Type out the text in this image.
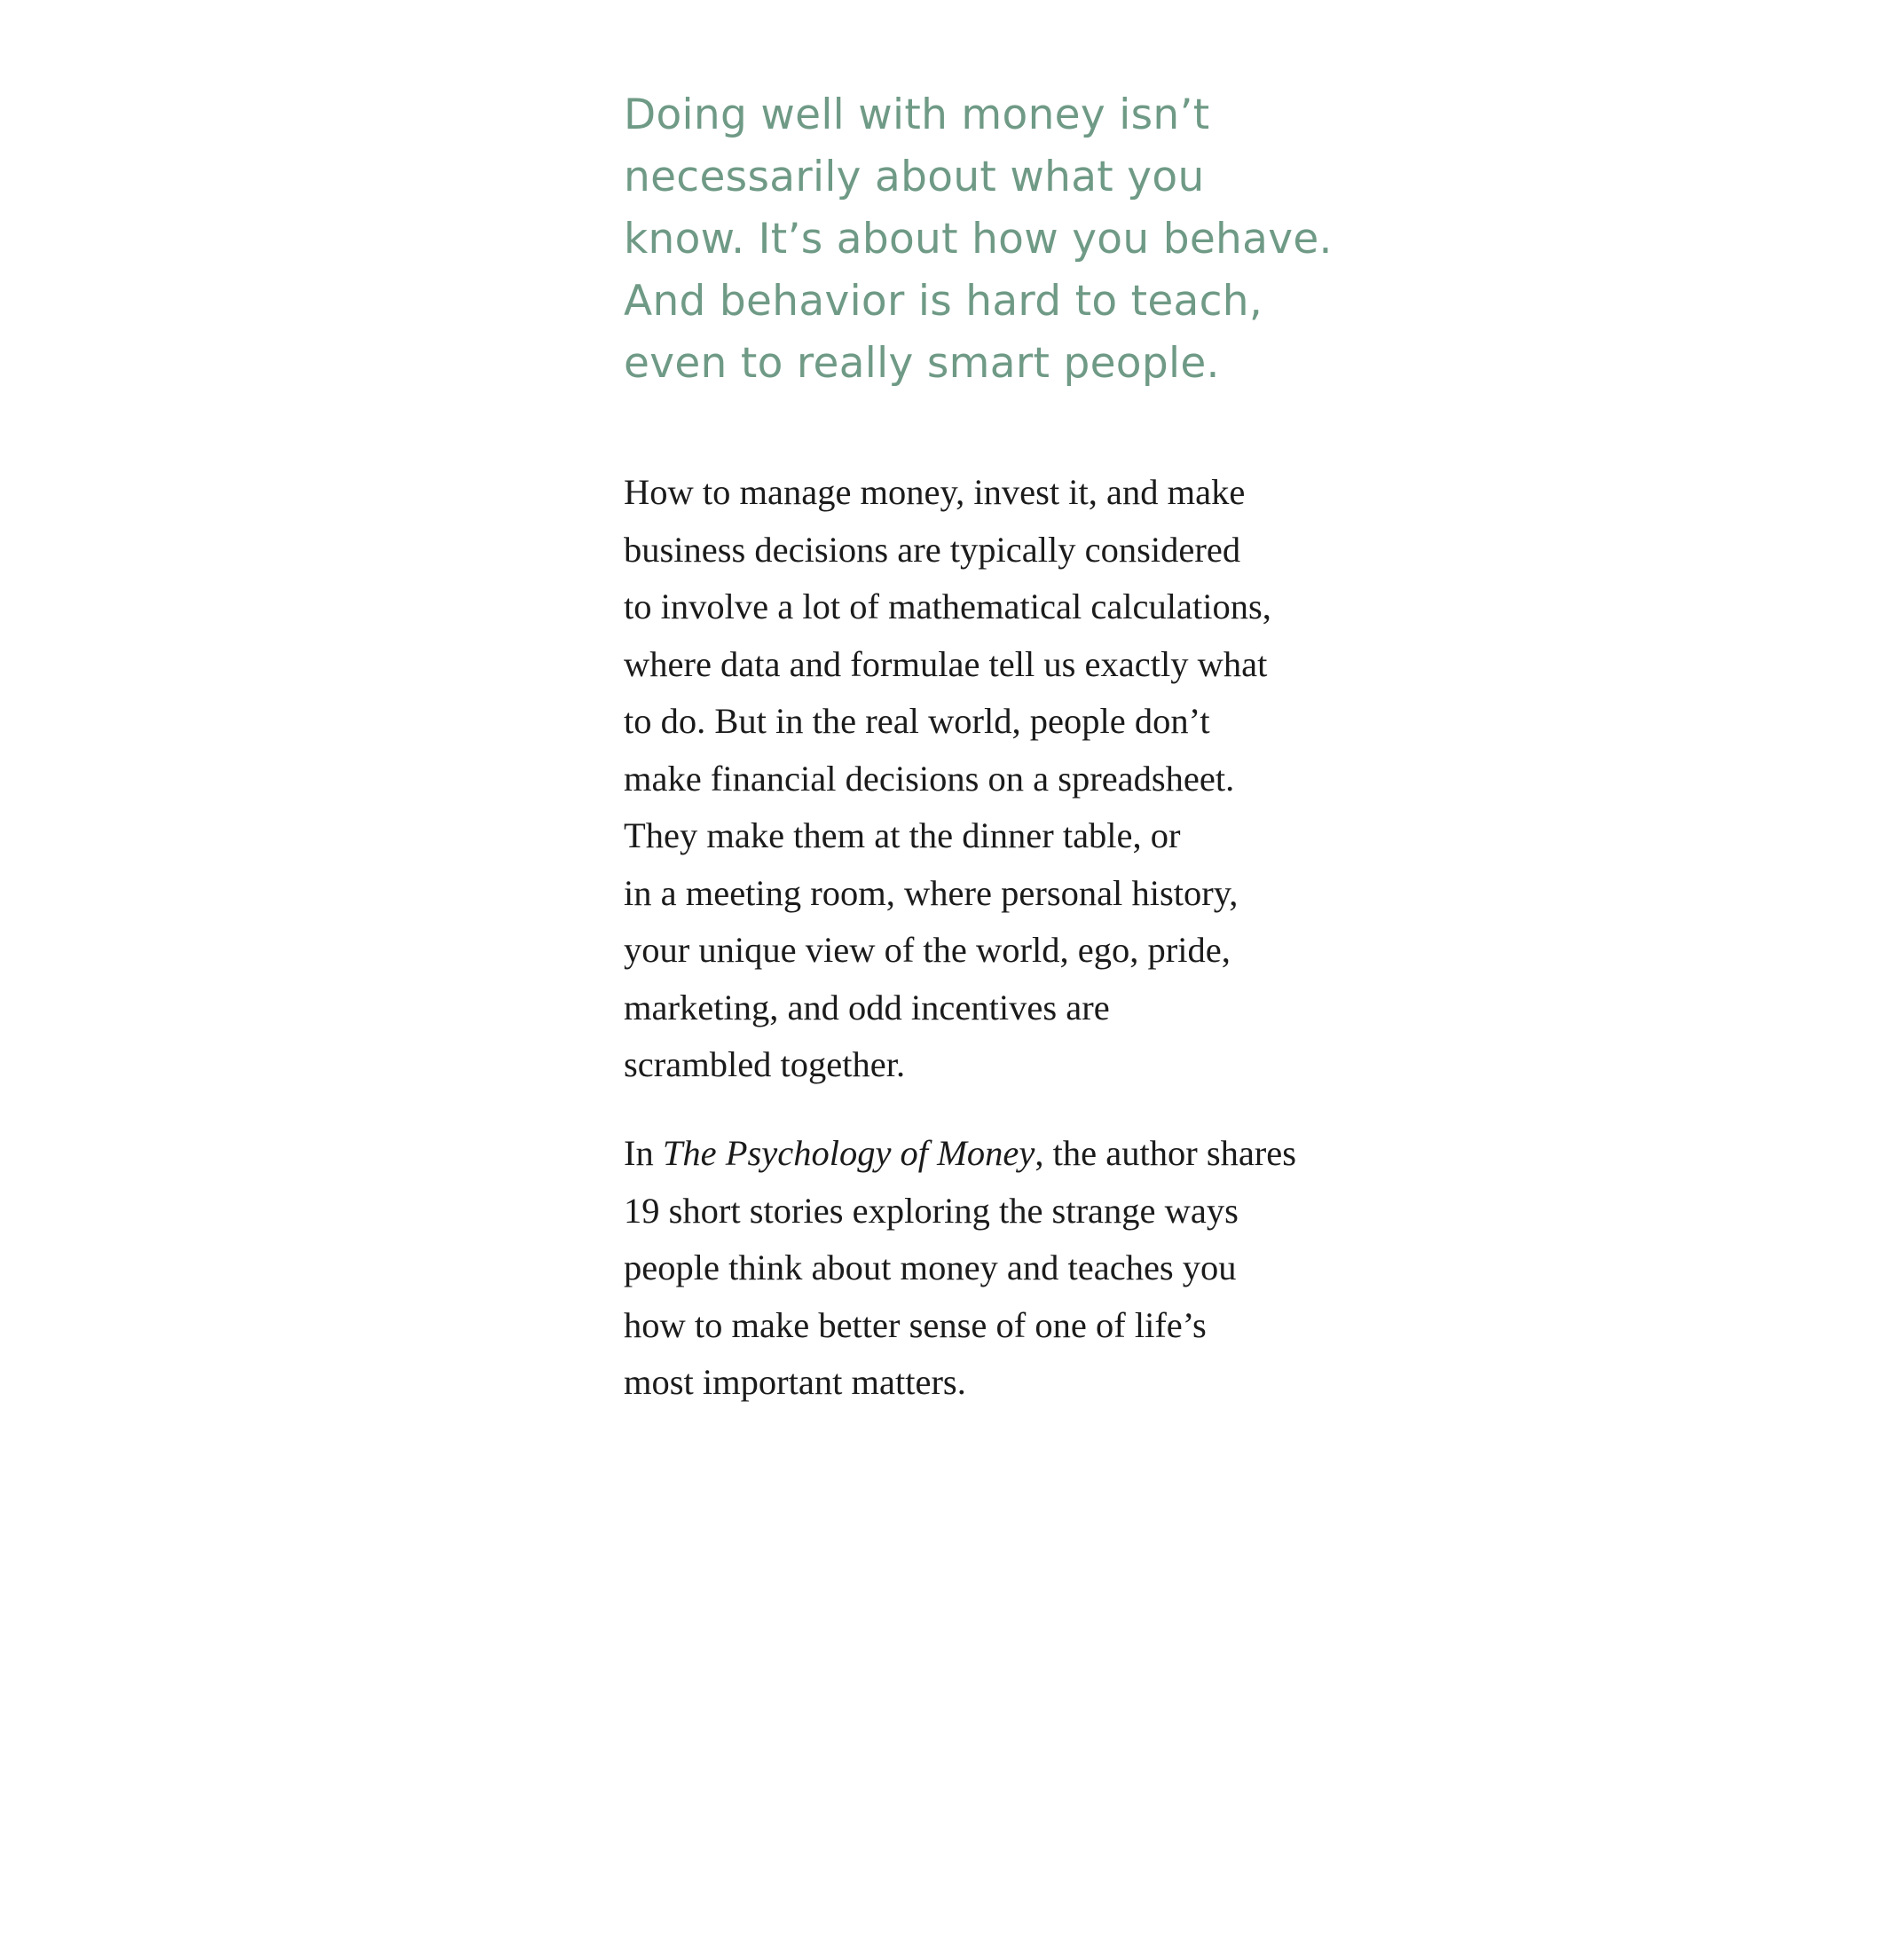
Doing well with money isn’t
necessarily about what you
know. It’s about how you behave.
And behavior is hard to teach,
even to really smart people.

How to manage money, invest it, and make
business decisions are typically considered
to involve a lot of mathematical calculations,
where data and formulae tell us exactly what
to do. But in the real world, people don’t
make financial decisions on a spreadsheet.
They make them at the dinner table, or
in a meeting room, where personal history,
your unique view of the world, ego, pride,
marketing, and odd incentives are
scrambled together.

In The Psychology of Money, the author shares
19 short stories exploring the strange ways
people think about money and teaches you
how to make better sense of one of life’s
most important matters.
